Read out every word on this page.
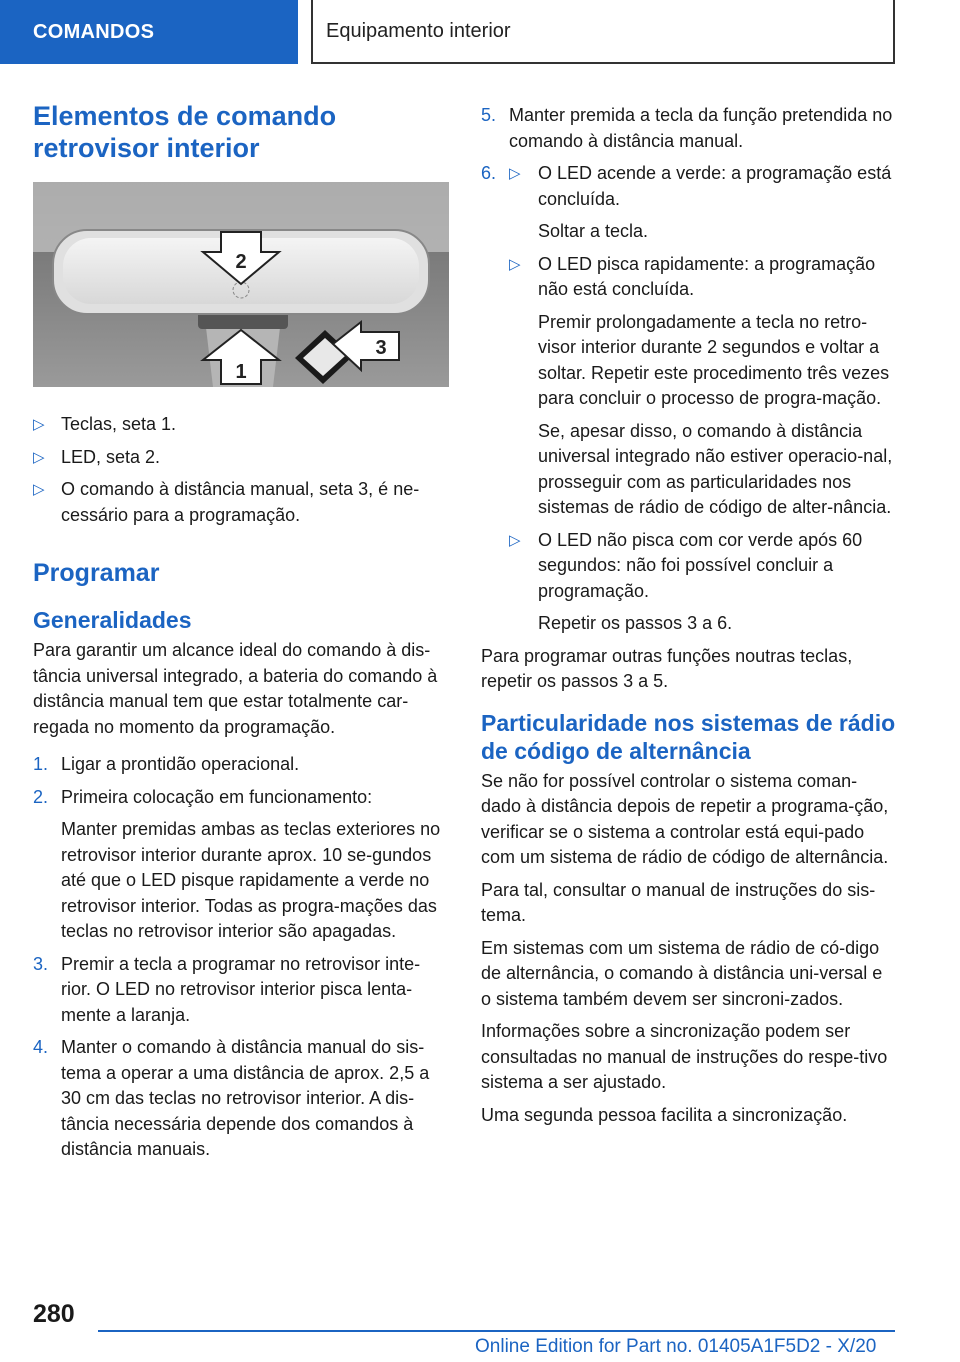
COMANDOS	Equipamento interior
Elementos de comando retrovisor interior
2
1
3
▷ Teclas, seta 1.
▷ LED, seta 2.
▷ O comando à distância manual, seta 3, é ne-cessário para a programação.
Programar
Generalidades

Para garantir um alcance ideal do comando à dis-tância universal integrado, a bateria do comando à distância manual tem que estar totalmente car-regada no momento da programação.

1. Ligar a prontidão operacional.
2. Primeira colocação em funcionamento:
Manter premidas ambas as teclas exteriores no retrovisor interior durante aprox. 10 se-gundos até que o LED pisque rapidamente a verde no retrovisor interior. Todas as progra-mações das teclas no retrovisor interior são apagadas.
3. Premir a tecla a programar no retrovisor inte-rior. O LED no retrovisor interior pisca lenta-mente a laranja.
4. Manter o comando à distância manual do sis-tema a operar a uma distância de aprox. 2,5 a 30 cm das teclas no retrovisor interior. A dis-tância necessária depende dos comandos à distância manuais.
5. Manter premida a tecla da função pretendida no comando à distância manual.
6. ▷ O LED acende a verde: a programação está concluída.
Soltar a tecla.
▷ O LED pisca rapidamente: a programação não está concluída.
Premir prolongadamente a tecla no retro-visor interior durante 2 segundos e voltar a soltar. Repetir este procedimento três vezes para concluir o processo de progra-mação.
Se, apesar disso, o comando à distância universal integrado não estiver operacio-nal, prosseguir com as particularidades nos sistemas de rádio de código de alter-nância.
▷ O LED não pisca com cor verde após 60 segundos: não foi possível concluir a programação.
Repetir os passos 3 a 6.

Para programar outras funções noutras teclas, repetir os passos 3 a 5.

Particularidade nos sistemas de rádio de código de alternância

Se não for possível controlar o sistema coman-dado à distância depois de repetir a programa-ção, verificar se o sistema a controlar está equi-pado com um sistema de rádio de código de alternância.

Para tal, consultar o manual de instruções do sis-tema.

Em sistemas com um sistema de rádio de có-digo de alternância, o comando à distância uni-versal e o sistema também devem ser sincroni-zados.

Informações sobre a sincronização podem ser consultadas no manual de instruções do respe-tivo sistema a ser ajustado.

Uma segunda pessoa facilita a sincronização.

280
Online Edition for Part no. 01405A1F5D2 - X/20
